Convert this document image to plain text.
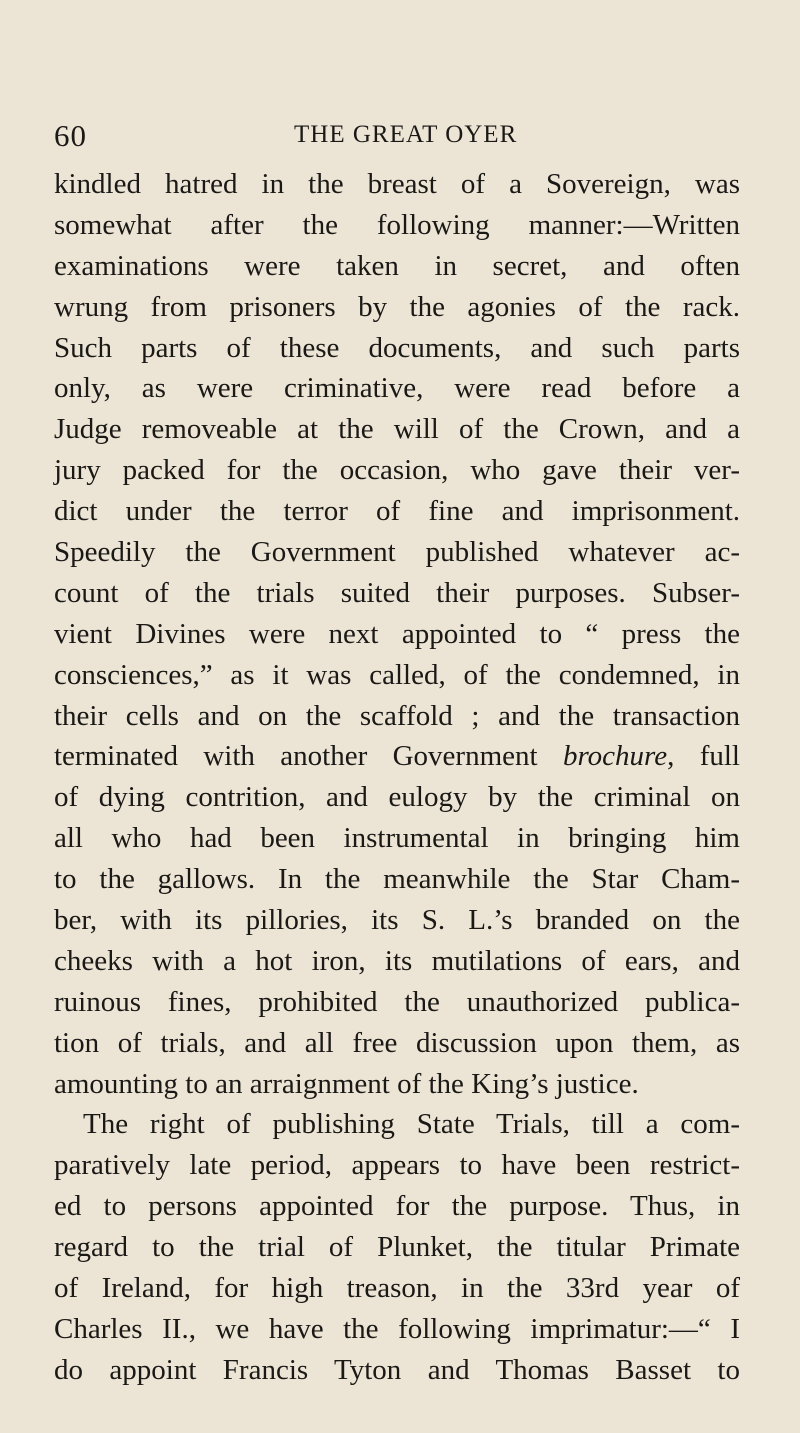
60	THE GREAT OYER
kindled hatred in the breast of a Sovereign, was
somewhat after the following manner:—Written
examinations were taken in secret, and often
wrung from prisoners by the agonies of the rack.
Such parts of these documents, and such parts
only, as were criminative, were read before a
Judge removeable at the will of the Crown, and a
jury packed for the occasion, who gave their ver-
dict under the terror of fine and imprisonment.
Speedily the Government published whatever ac-
count of the trials suited their purposes. Subser-
vient Divines were next appointed to “ press the
consciences,” as it was called, of the condemned, in
their cells and on the scaffold ; and the transaction
terminated with another Government brochure, full
of dying contrition, and eulogy by the criminal on
all who had been instrumental in bringing him
to the gallows. In the meanwhile the Star Cham-
ber, with its pillories, its S. L.’s branded on the
cheeks with a hot iron, its mutilations of ears, and
ruinous fines, prohibited the unauthorized publica-
tion of trials, and all free discussion upon them, as
amounting to an arraignment of the King’s justice.
The right of publishing State Trials, till a com-
paratively late period, appears to have been restrict-
ed to persons appointed for the purpose. Thus, in
regard to the trial of Plunket, the titular Primate
of Ireland, for high treason, in the 33rd year of
Charles II., we have the following imprimatur:—“ I
do appoint Francis Tyton and Thomas Basset to
